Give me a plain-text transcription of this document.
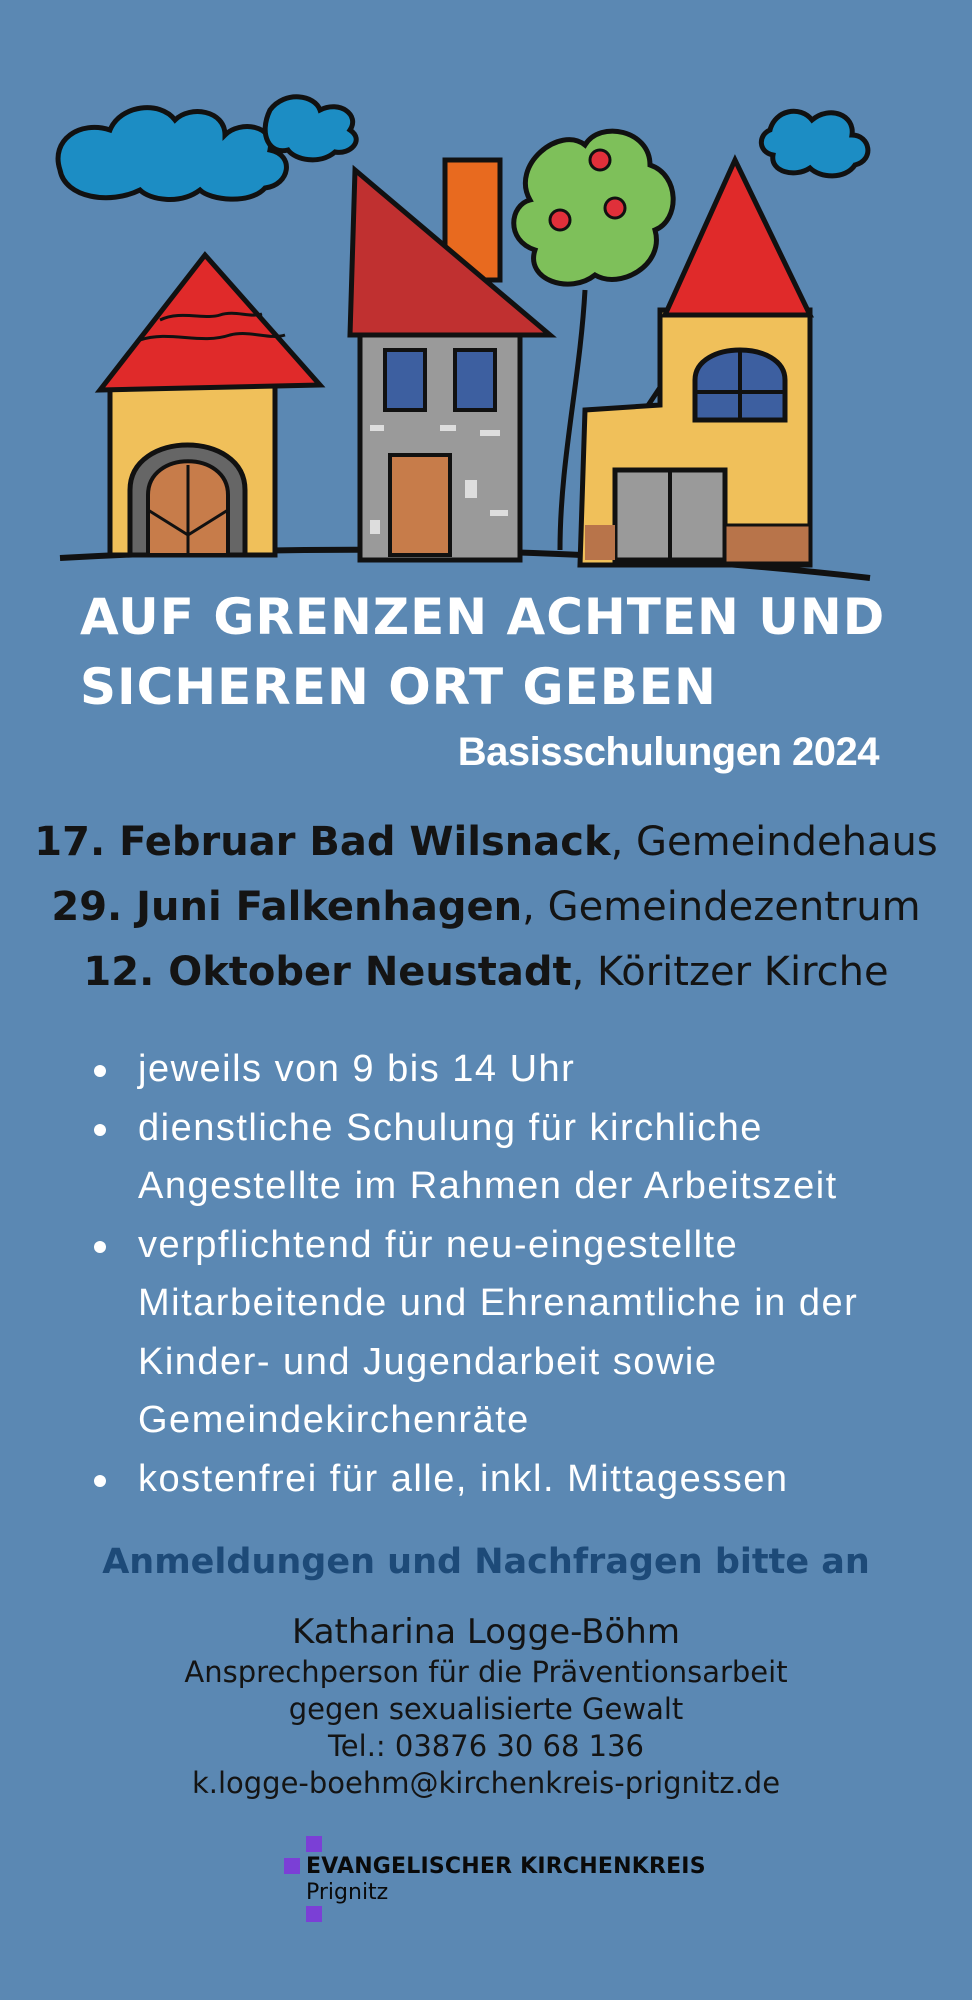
AUF GRENZEN ACHTEN UND
SICHEREN ORT GEBEN
Basisschulungen 2024
17. Februar Bad Wilsnack, Gemeindehaus
29. Juni Falkenhagen, Gemeindezentrum
12. Oktober Neustadt, Köritzer Kirche
jeweils von 9 bis 14 Uhr
dienstliche Schulung für kirchliche
Angestellte im Rahmen der Arbeitszeit
verpflichtend für neu-eingestellte
Mitarbeitende und Ehrenamtliche in der
Kinder- und Jugendarbeit sowie
Gemeindekirchenräte
kostenfrei für alle, inkl. Mittagessen
Anmeldungen und Nachfragen bitte an
Katharina Logge-Böhm
Ansprechperson für die Präventionsarbeit
gegen sexualisierte Gewalt
Tel.: 03876 30 68 136
k.logge-boehm@kirchenkreis-prignitz.de
EVANGELISCHER KIRCHENKREIS
Prignitz
